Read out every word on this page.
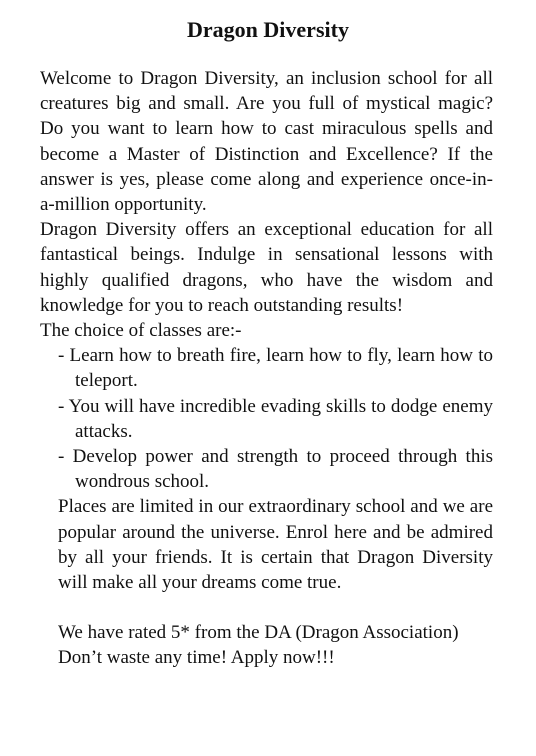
Dragon Diversity

Welcome to Dragon Diversity, an inclusion school for all creatures big and small. Are you full of mystical magic? Do you want to learn how to cast miraculous spells and become a Master of Distinction and Excellence? If the answer is yes, please come along and experience once-in-a-million opportunity.

Dragon Diversity offers an exceptional education for all fantastical beings. Indulge in sensational lessons with highly qualified dragons, who have the wisdom and knowledge for you to reach outstanding results!

The choice of classes are:-

- Learn how to breath fire, learn how to fly, learn how to teleport.
- You will have incredible evading skills to dodge enemy attacks.
- Develop power and strength to proceed through this wondrous school.

Places are limited in our extraordinary school and we are popular around the universe. Enrol here and be admired by all your friends. It is certain that Dragon Diversity will make all your dreams come true.

We have rated 5* from the DA (Dragon Association)

Don’t waste any time! Apply now!!!
